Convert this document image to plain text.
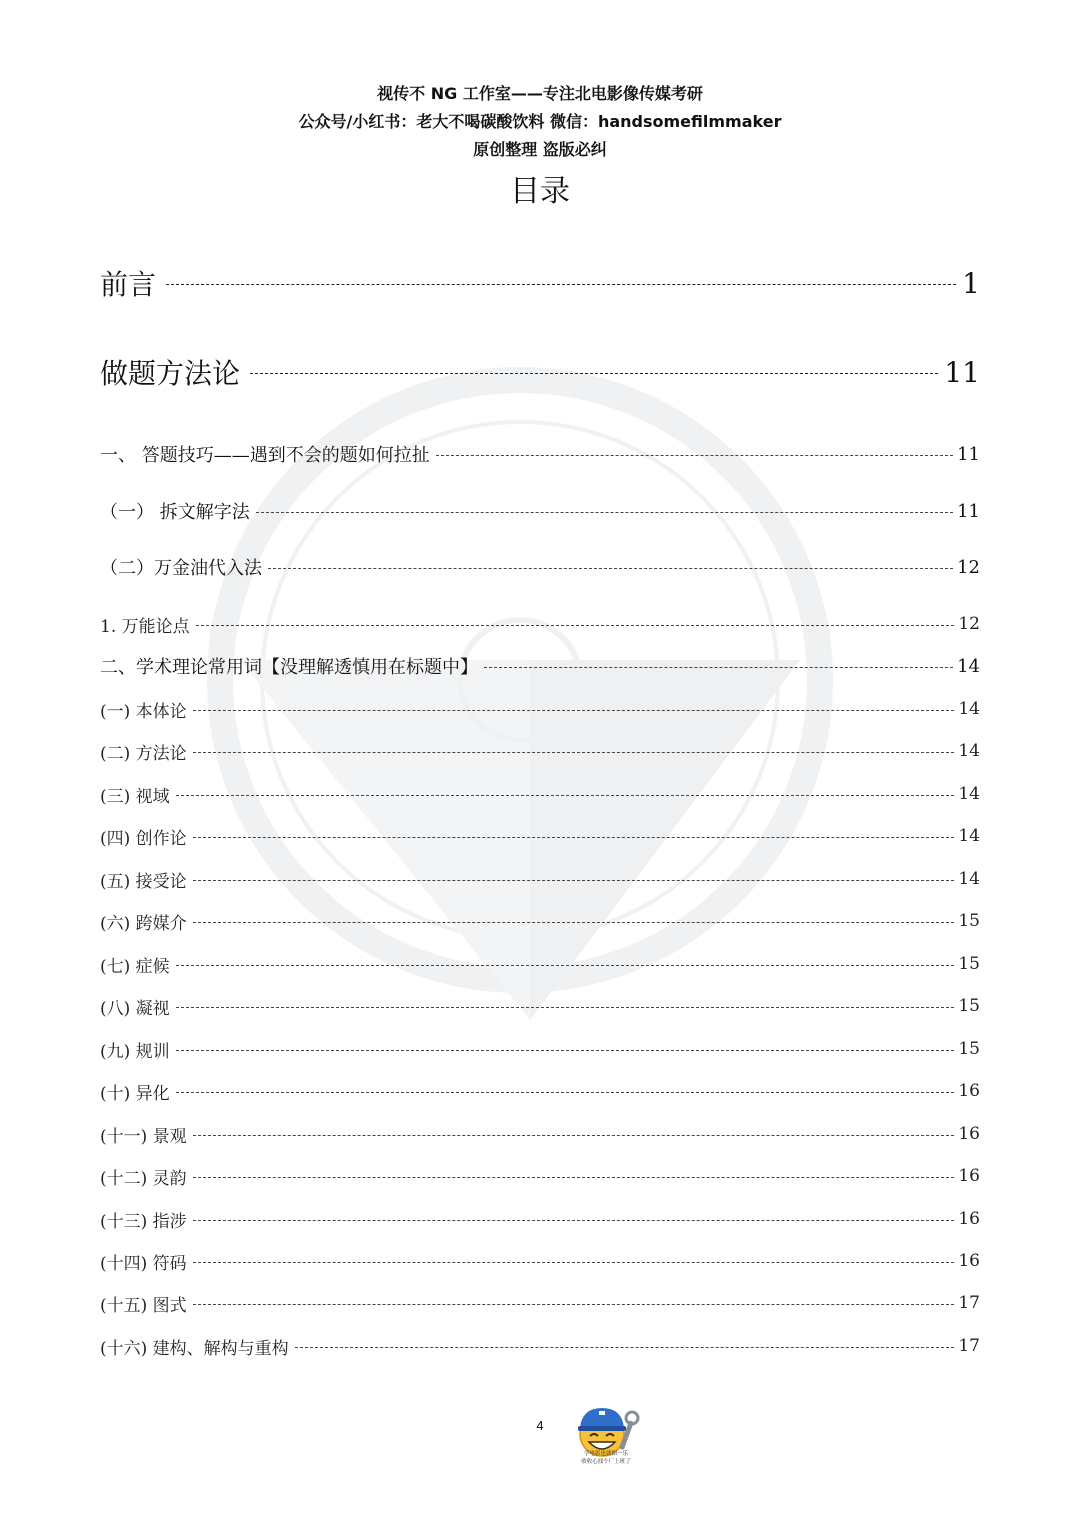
视传不 NG 工作室——专注北电影像传媒考研
公众号/小红书：老大不喝碳酸饮料 微信：handsomefilmmaker
原创整理 盗版必纠
目录
前言	1
做题方法论	11
一、 答题技巧——遇到不会的题如何拉扯	11
（一） 拆文解字法	11
（二）万金油代入法	12
1. 万能论点	12
二、学术理论常用词【没理解透慎用在标题中】	14
(一) 本体论	14
(二) 方法论	14
(三) 视域	14
(四) 创作论	14
(五) 接受论	14
(六) 跨媒介	15
(七) 症候	15
(八) 凝视	15
(九) 规训	15
(十) 异化	16
(十一) 景观	16
(十二) 灵韵	16
(十三) 指涉	16
(十四) 符码	16
(十五) 图式	17
(十六) 建构、解构与重构	17
4
学电影也就图一乐
收收心找个厂上班了
